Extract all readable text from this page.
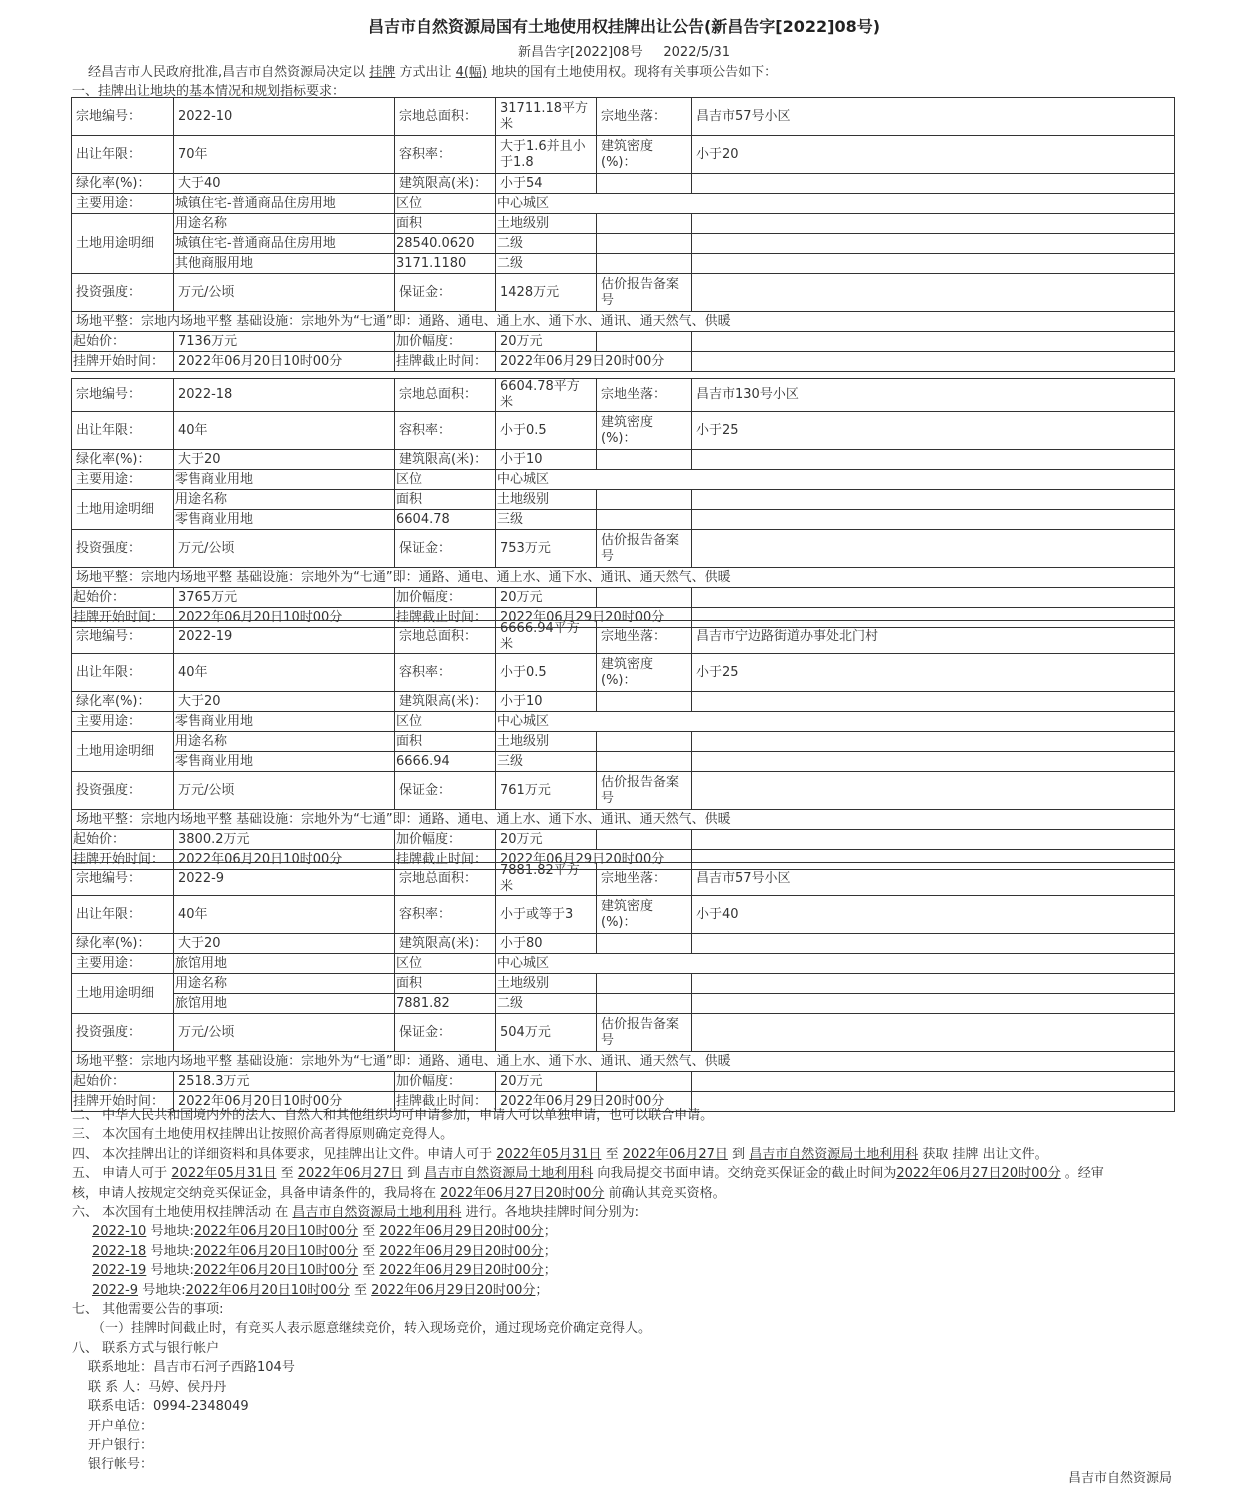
昌吉市自然资源局国有土地使用权挂牌出让公告(新昌告字[2022]08号)
新昌告字[2022]08号 2022/5/31
经昌吉市人民政府批准,昌吉市自然资源局决定以 挂牌 方式出让 4(幅) 地块的国有土地使用权。现将有关事项公告如下：
一、挂牌出让地块的基本情况和规划指标要求：
宗地编号：	2022-10	宗地总面积：	31711.18平方米	宗地坐落：	昌吉市57号小区
出让年限：	70年	容积率：	大于1.6并且小于1.8	建筑密度(%)：	小于20
绿化率(%)：	大于40	建筑限高(米)：	小于54		
主要用途：	城镇住宅-普通商品住房用地	区位	中心城区		
土地用途明细	用途名称	面积	土地级别		
	城镇住宅-普通商品住房用地	28540.0620	二级		
	其他商服用地	3171.1180	二级		
投资强度：	万元/公顷	保证金：	1428万元	估价报告备案号	
场地平整：宗地内场地平整 基础设施：宗地外为“七通”即：通路、通电、通上水、通下水、通讯、通天然气、供暖					
起始价：	7136万元	加价幅度：	20万元		
挂牌开始时间：	2022年06月20日10时00分	挂牌截止时间：	2022年06月29日20时00分		
宗地编号：	2022-18	宗地总面积：	6604.78平方米	宗地坐落：	昌吉市130号小区
出让年限：	40年	容积率：	小于0.5	建筑密度(%)：	小于25
绿化率(%)：	大于20	建筑限高(米)：	小于10		
主要用途：	零售商业用地	区位	中心城区		
土地用途明细	用途名称	面积	土地级别		
	零售商业用地	6604.78	三级		
投资强度：	万元/公顷	保证金：	753万元	估价报告备案号	
场地平整：宗地内场地平整 基础设施：宗地外为“七通”即：通路、通电、通上水、通下水、通讯、通天然气、供暖					
起始价：	3765万元	加价幅度：	20万元		
挂牌开始时间：	2022年06月20日10时00分	挂牌截止时间：	2022年06月29日20时00分		
宗地编号：	2022-19	宗地总面积：	6666.94平方米	宗地坐落：	昌吉市宁边路街道办事处北门村
出让年限：	40年	容积率：	小于0.5	建筑密度(%)：	小于25
绿化率(%)：	大于20	建筑限高(米)：	小于10		
主要用途：	零售商业用地	区位	中心城区		
土地用途明细	用途名称	面积	土地级别		
	零售商业用地	6666.94	三级		
投资强度：	万元/公顷	保证金：	761万元	估价报告备案号	
场地平整：宗地内场地平整 基础设施：宗地外为“七通”即：通路、通电、通上水、通下水、通讯、通天然气、供暖					
起始价：	3800.2万元	加价幅度：	20万元		
挂牌开始时间：	2022年06月20日10时00分	挂牌截止时间：	2022年06月29日20时00分		
宗地编号：	2022-9	宗地总面积：	7881.82平方米	宗地坐落：	昌吉市57号小区
出让年限：	40年	容积率：	小于或等于3	建筑密度(%)：	小于40
绿化率(%)：	大于20	建筑限高(米)：	小于80		
主要用途：	旅馆用地	区位	中心城区		
土地用途明细	用途名称	面积	土地级别		
	旅馆用地	7881.82	二级		
投资强度：	万元/公顷	保证金：	504万元	估价报告备案号	
场地平整：宗地内场地平整 基础设施：宗地外为“七通”即：通路、通电、通上水、通下水、通讯、通天然气、供暖					
起始价：	2518.3万元	加价幅度：	20万元		
挂牌开始时间：	2022年06月20日10时00分	挂牌截止时间：	2022年06月29日20时00分		
二、 中华人民共和国境内外的法人、自然人和其他组织均可申请参加，申请人可以单独申请，也可以联合申请。
三、 本次国有土地使用权挂牌出让按照价高者得原则确定竞得人。
四、 本次挂牌出让的详细资料和具体要求，见挂牌出让文件。申请人可于 2022年05月31日 至 2022年06月27日 到 昌吉市自然资源局土地利用科 获取 挂牌 出让文件。
五、 申请人可于 2022年05月31日 至 2022年06月27日 到 昌吉市自然资源局土地利用科 向我局提交书面申请。交纳竞买保证金的截止时间为2022年06月27日20时00分 。经审
核，申请人按规定交纳竞买保证金，具备申请条件的，我局将在 2022年06月27日20时00分 前确认其竞买资格。
六、 本次国有土地使用权挂牌活动 在 昌吉市自然资源局土地利用科 进行。各地块挂牌时间分别为:
2022-10 号地块:2022年06月20日10时00分 至 2022年06月29日20时00分；
2022-18 号地块:2022年06月20日10时00分 至 2022年06月29日20时00分；
2022-19 号地块:2022年06月20日10时00分 至 2022年06月29日20时00分；
2022-9 号地块:2022年06月20日10时00分 至 2022年06月29日20时00分；
七、 其他需要公告的事项:
（一）挂牌时间截止时，有竞买人表示愿意继续竞价，转入现场竞价，通过现场竞价确定竞得人。
八、 联系方式与银行帐户
联系地址：昌吉市石河子西路104号
联 系 人：马婷、侯丹丹
联系电话：0994-2348049
开户单位：
开户银行：
银行帐号：
昌吉市自然资源局
